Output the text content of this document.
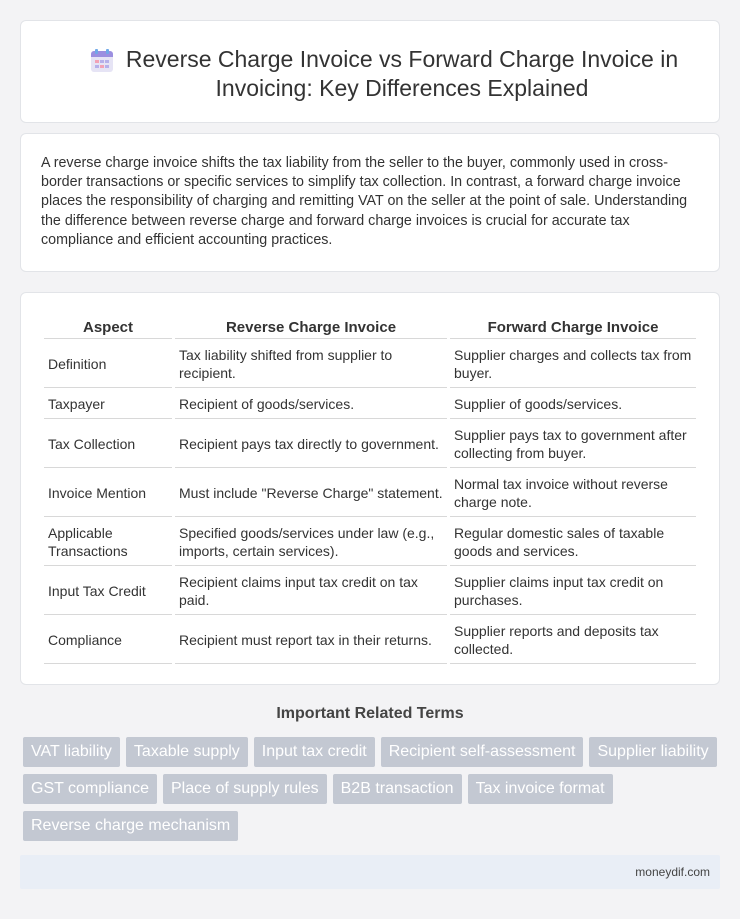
Reverse Charge Invoice vs Forward Charge Invoice in Invoicing: Key Differences Explained

A reverse charge invoice shifts the tax liability from the seller to the buyer, commonly used in cross-border transactions or specific services to simplify tax collection. In contrast, a forward charge invoice places the responsibility of charging and remitting VAT on the seller at the point of sale. Understanding the difference between reverse charge and forward charge invoices is crucial for accurate tax compliance and efficient accounting practices.

Aspect	Reverse Charge Invoice	Forward Charge Invoice
Definition	Tax liability shifted from supplier to recipient.	Supplier charges and collects tax from buyer.
Taxpayer	Recipient of goods/services.	Supplier of goods/services.
Tax Collection	Recipient pays tax directly to government.	Supplier pays tax to government after collecting from buyer.
Invoice Mention	Must include "Reverse Charge" statement.	Normal tax invoice without reverse charge note.
Applicable Transactions	Specified goods/services under law (e.g., imports, certain services).	Regular domestic sales of taxable goods and services.
Input Tax Credit	Recipient claims input tax credit on tax paid.	Supplier claims input tax credit on purchases.
Compliance	Recipient must report tax in their returns.	Supplier reports and deposits tax collected.
Important Related Terms
VAT liability	Taxable supply	Input tax credit	Recipient self-assessment	Supplier liability
GST compliance	Place of supply rules	B2B transaction	Tax invoice format
Reverse charge mechanism
moneydif.com
